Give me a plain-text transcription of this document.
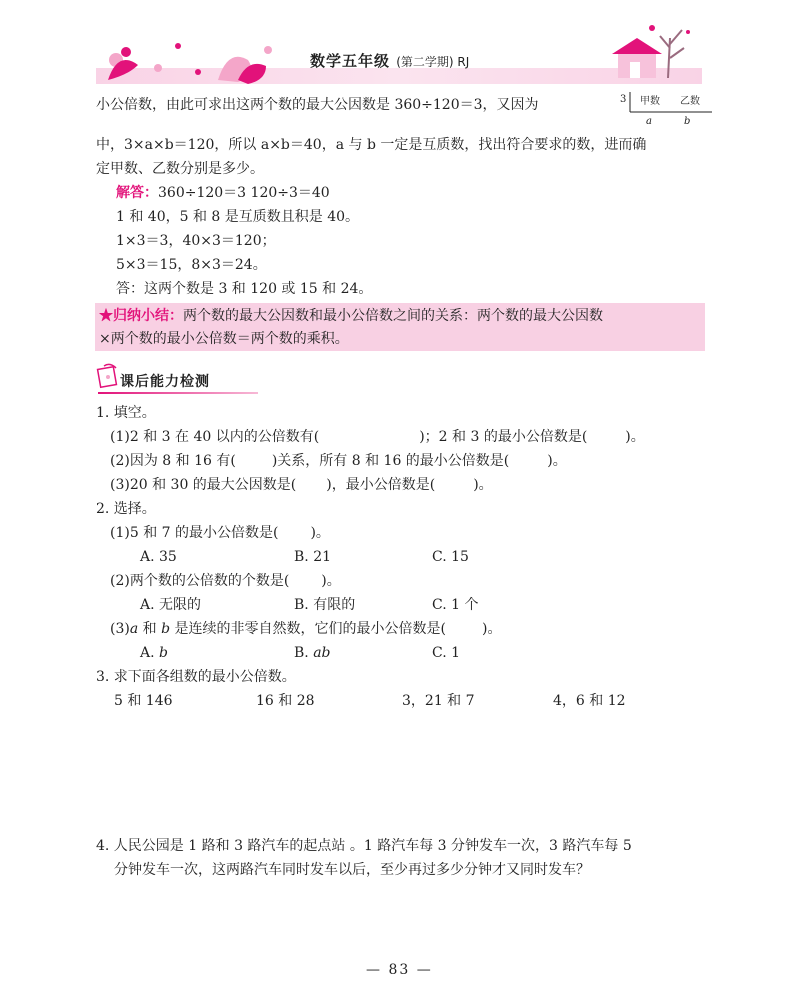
数学五年级 (第二学期) RJ
小公倍数，由此可求出这两个数的最大公因数是 360÷120＝3，又因为	3 甲数 乙数
a	b
中，3×a×b＝120，所以 a×b＝40，a 与 b 一定是互质数，找出符合要求的数，进而确
定甲数、乙数分别是多少。
解答：360÷120＝3 120÷3＝40
1 和 40，5 和 8 是互质数且积是 40。
1×3＝3，40×3＝120；
5×3＝15，8×3＝24。
答：这两个数是 3 和 120 或 15 和 24。
★归纳小结：两个数的最大公因数和最小公倍数之间的关系：两个数的最大公因数
×两个数的最小公倍数＝两个数的乘积。
课后能力检测
1. 填空。
(1)2 和 3 在 40 以内的公倍数有(	)；2 和 3 的最小公倍数是(	)。
(2)因为 8 和 16 有(	)关系，所有 8 和 16 的最小公倍数是(	)。
(3)20 和 30 的最大公因数是( )，最小公倍数是(	)。
2. 选择。
(1)5 和 7 的最小公倍数是( )。
A. 35	B. 21	C. 15
(2)两个数的公倍数的个数是( )。
A. 无限的	B. 有限的	C. 1 个
(3)a 和 b 是连续的非零自然数，它们的最小公倍数是(	)。
A. b	B. ab	C. 1
3. 求下面各组数的最小公倍数。
5 和 146	16 和 28	3，21 和 7	4，6 和 12
4. 人民公园是 1 路和 3 路汽车的起点站 。1 路汽车每 3 分钟发车一次，3 路汽车每 5
分钟发车一次，这两路汽车同时发车以后，至少再过多少分钟才又同时发车？
— 83 —
